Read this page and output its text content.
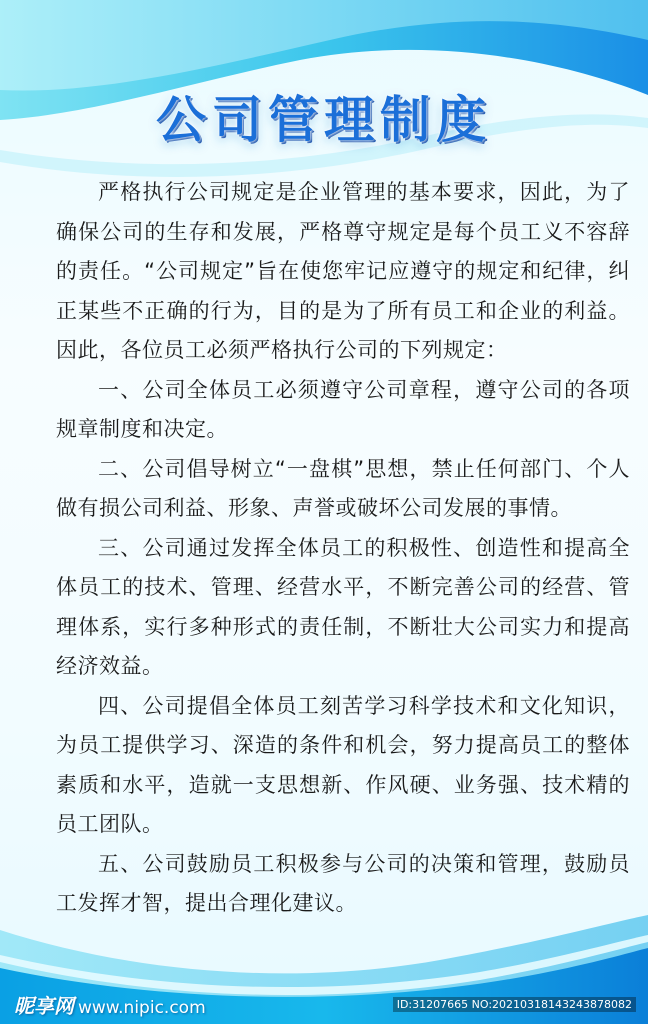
公司管理制度

严格执行公司规定是企业管理的基本要求，因此，为了确保公司的生存和发展，严格尊守规定是每个员工义不容辞的责任。“公司规定”旨在使您牢记应遵守的规定和纪律，纠正某些不正确的行为，目的是为了所有员工和企业的利益。因此，各位员工必须严格执行公司的下列规定：

一、公司全体员工必须遵守公司章程，遵守公司的各项规章制度和决定。

二、公司倡导树立“一盘棋”思想，禁止任何部门、个人做有损公司利益、形象、声誉或破坏公司发展的事情。

三、公司通过发挥全体员工的积极性、创造性和提高全体员工的技术、管理、经营水平，不断完善公司的经营、管理体系，实行多种形式的责任制，不断壮大公司实力和提高经济效益。

四、公司提倡全体员工刻苦学习科学技术和文化知识，为员工提供学习、深造的条件和机会，努力提高员工的整体素质和水平，造就一支思想新、作风硬、业务强、技术精的员工团队。

五、公司鼓励员工积极参与公司的决策和管理，鼓励员工发挥才智，提出合理化建议。

昵享网 www.nipic.com	ID:31207665 NO:20210318143243878082
